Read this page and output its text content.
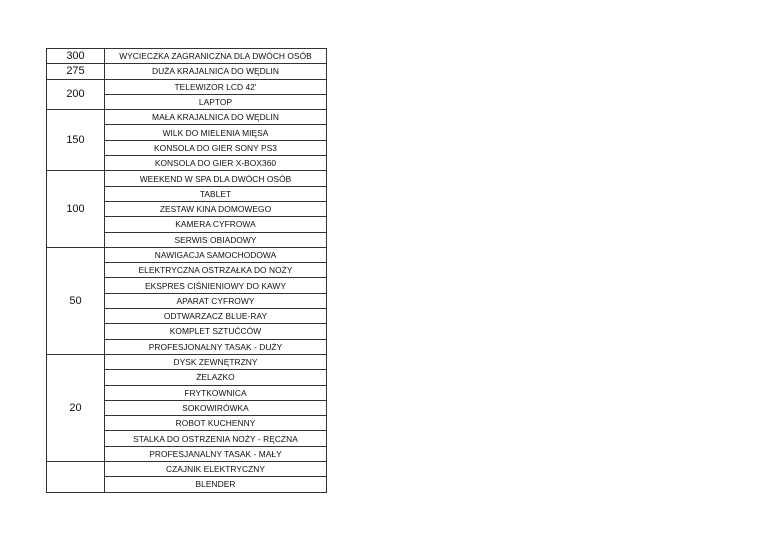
300	WYCIECZKA ZAGRANICZNA DLA DWÓCH OSÓB
275	DUŻA KRAJALNICA DO WĘDLIN
200	TELEWIZOR LCD 42'
	LAPTOP
150	MAŁA KRAJALNICA DO WĘDLIN
	WILK DO MIELENIA MIĘSA
	KONSOLA DO GIER SONY PS3
	KONSOLA DO GIER X-BOX360
100	WEEKEND W SPA DLA DWÓCH OSÓB
	TABLET
	ZESTAW KINA DOMOWEGO
	KAMERA CYFROWA
	SERWIS OBIADOWY
50	NAWIGACJA SAMOCHODOWA
	ELEKTRYCZNA OSTRZAŁKA DO NOŻY
	EKSPRES CIŚNIENIOWY DO KAWY
	APARAT CYFROWY
	ODTWARZACZ BLUE-RAY
	KOMPLET SZTUĆCÓW
	PROFESJONALNY TASAK - DUŻY
20	DYSK ZEWNĘTRZNY
	ŻELAZKO
	FRYTKOWNICA
	SOKOWIRÓWKA
	ROBOT KUCHENNY
	STALKA DO OSTRZENIA NOŻY - RĘCZNA
	PROFESJANALNY TASAK - MAŁY
	CZAJNIK ELEKTRYCZNY
	BLENDER
